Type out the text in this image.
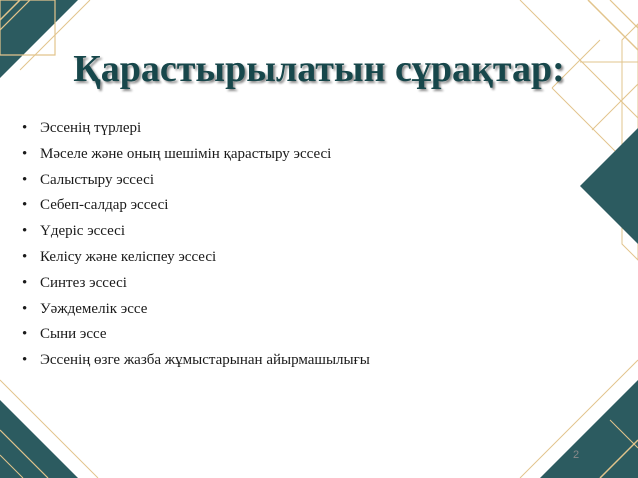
Қарастырылатын сұрақтар:
• Эссенің түрлері
• Мәселе және оның шешімін қарастыру эссесі
• Салыстыру эссесі
• Себеп-салдар эссесі
• Үдеріс эссесі
• Келісу және келіспеу эссесі
• Синтез эссесі
• Уәждемелік эссе
• Сыни эссе
• Эссенің өзге жазба жұмыстарынан айырмашылығы
2
